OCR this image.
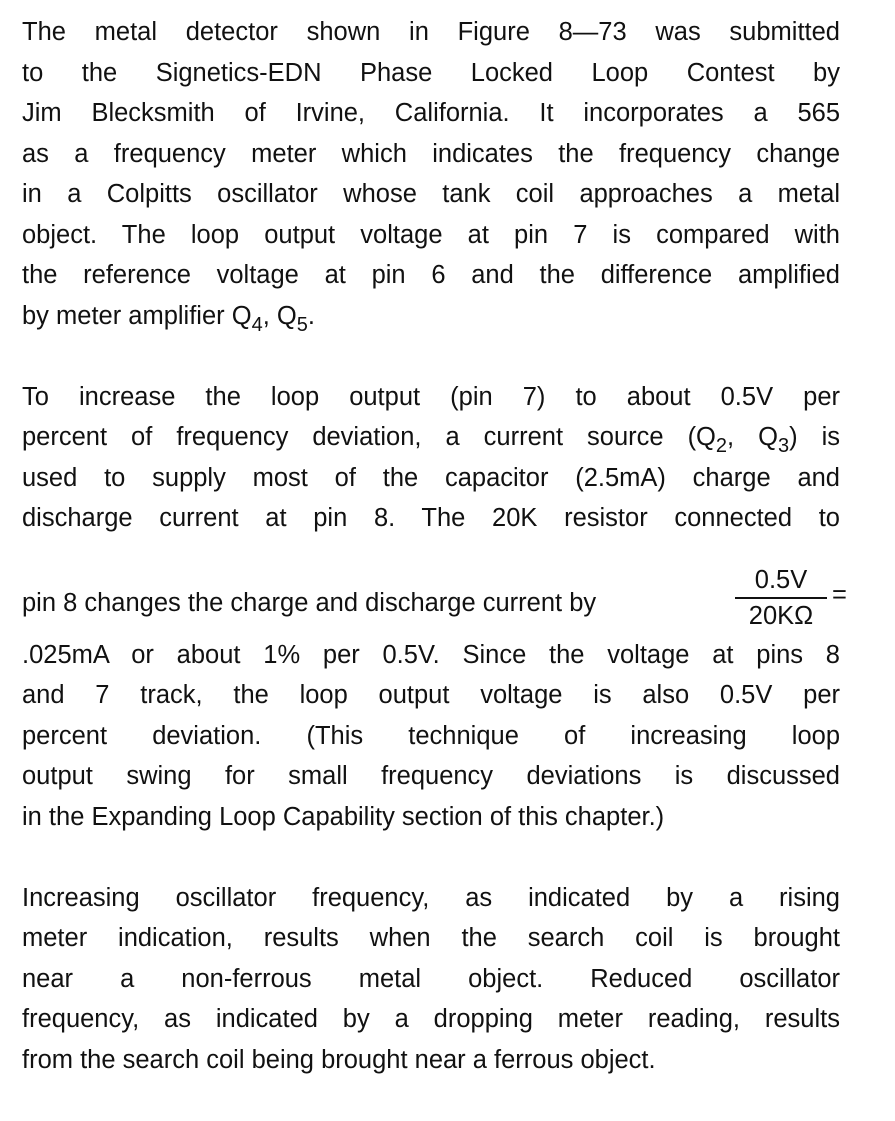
The metal detector shown in Figure 8—73 was submitted
to the Signetics-EDN Phase Locked Loop Contest by
Jim Blecksmith of Irvine, California. It incorporates a 565
as a frequency meter which indicates the frequency change
in a Colpitts oscillator whose tank coil approaches a metal
object. The loop output voltage at pin 7 is compared with
the reference voltage at pin 6 and the difference amplified
by meter amplifier $Q_4$, $Q_5$.
To increase the loop output (pin 7) to about 0.5V per
percent of frequency deviation, a current source ($Q_2$, $Q_3$) is
used to supply most of the capacitor (2.5mA) charge and
discharge current at pin 8. The 20K resistor connected to
pin 8 changes the charge and discharge current by
0.5V
20KΩ
=
.025mA or about 1% per 0.5V. Since the voltage at pins 8
and 7 track, the loop output voltage is also 0.5V per
percent deviation. (This technique of increasing loop
output swing for small frequency deviations is discussed
in the Expanding Loop Capability section of this chapter.)
Increasing oscillator frequency, as indicated by a rising
meter indication, results when the search coil is brought
near a non-ferrous metal object. Reduced oscillator
frequency, as indicated by a dropping meter reading, results
from the search coil being brought near a ferrous object.
